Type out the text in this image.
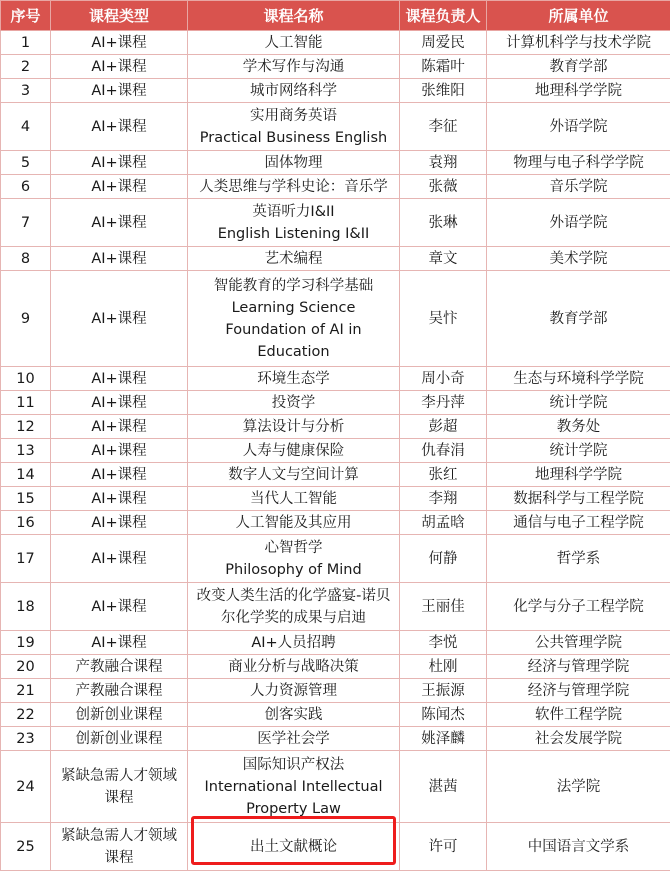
序号	课程类型	课程名称	课程负责人	所属单位
1	AI+课程	人工智能	周爱民	计算机科学与技术学院
2	AI+课程	学术写作与沟通	陈霜叶	教育学部
3	AI+课程	城市网络科学	张维阳	地理科学学院
4	AI+课程	实用商务英语
Practical Business English	李征	外语学院
5	AI+课程	固体物理	袁翔	物理与电子科学学院
6	AI+课程	人类思维与学科史论：音乐学	张薇	音乐学院
7	AI+课程	英语听力I&II
English Listening I&II	张琳	外语学院
8	AI+课程	艺术编程	章文	美术学院
9	AI+课程	智能教育的学习科学基础
Learning Science
Foundation of AI in
Education	吴忭	教育学部
10	AI+课程	环境生态学	周小奇	生态与环境科学学院
11	AI+课程	投资学	李丹萍	统计学院
12	AI+课程	算法设计与分析	彭超	教务处
13	AI+课程	人寿与健康保险	仇春涓	统计学院
14	AI+课程	数字人文与空间计算	张红	地理科学学院
15	AI+课程	当代人工智能	李翔	数据科学与工程学院
16	AI+课程	人工智能及其应用	胡孟晗	通信与电子工程学院
17	AI+课程	心智哲学
Philosophy of Mind	何静	哲学系
18	AI+课程	改变人类生活的化学盛宴-诺贝
尔化学奖的成果与启迪	王丽佳	化学与分子工程学院
19	AI+课程	AI+人员招聘	李悦	公共管理学院
20	产教融合课程	商业分析与战略决策	杜刚	经济与管理学院
21	产教融合课程	人力资源管理	王振源	经济与管理学院
22	创新创业课程	创客实践	陈闻杰	软件工程学院
23	创新创业课程	医学社会学	姚泽麟	社会发展学院
24	紧缺急需人才领域
课程	国际知识产权法
International Intellectual
Property Law	湛茜	法学院
25	紧缺急需人才领域
课程	出土文献概论	许可	中国语言文学系
